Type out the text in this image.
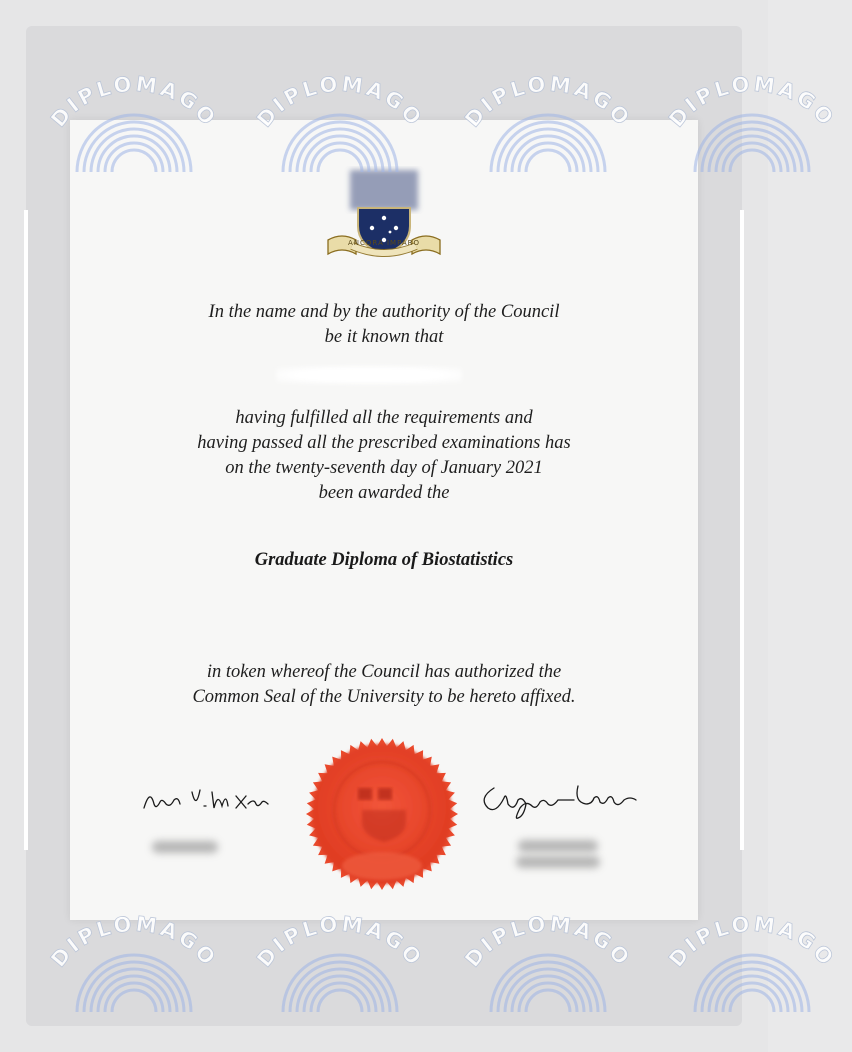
ANCORA IMPARO
In the name and by the authority of the Council
be it known that
having fulfilled all the requirements and
having passed all the prescribed examinations has
on the twenty-seventh day of January 2021
been awarded the
Graduate Diploma of Biostatistics
in token whereof the Council has authorized the
Common Seal of the University to be hereto affixed.
DIPLOMAGO DIPLOMAGO DIPLOMAGO DIPLOMAGO
DIPLOMAGO DIPLOMAGO DIPLOMAGO DIPLOMAGO
